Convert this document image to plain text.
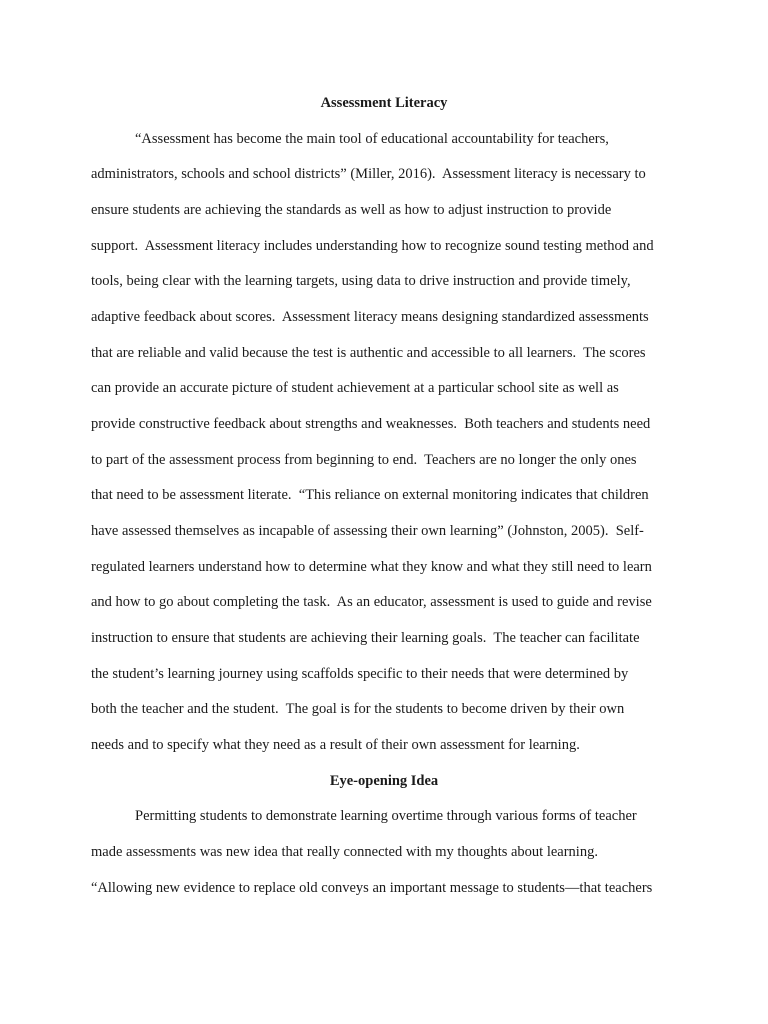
Assessment Literacy
“Assessment has become the main tool of educational accountability for teachers,
administrators, schools and school districts” (Miller, 2016).  Assessment literacy is necessary to
ensure students are achieving the standards as well as how to adjust instruction to provide
support.  Assessment literacy includes understanding how to recognize sound testing method and
tools, being clear with the learning targets, using data to drive instruction and provide timely,
adaptive feedback about scores.  Assessment literacy means designing standardized assessments
that are reliable and valid because the test is authentic and accessible to all learners.  The scores
can provide an accurate picture of student achievement at a particular school site as well as
provide constructive feedback about strengths and weaknesses.  Both teachers and students need
to part of the assessment process from beginning to end.  Teachers are no longer the only ones
that need to be assessment literate.  “This reliance on external monitoring indicates that children
have assessed themselves as incapable of assessing their own learning” (Johnston, 2005).  Self-
regulated learners understand how to determine what they know and what they still need to learn
and how to go about completing the task.  As an educator, assessment is used to guide and revise
instruction to ensure that students are achieving their learning goals.  The teacher can facilitate
the student’s learning journey using scaffolds specific to their needs that were determined by
both the teacher and the student.  The goal is for the students to become driven by their own
needs and to specify what they need as a result of their own assessment for learning.
Eye-opening Idea
Permitting students to demonstrate learning overtime through various forms of teacher
made assessments was new idea that really connected with my thoughts about learning.
“Allowing new evidence to replace old conveys an important message to students—that teachers
